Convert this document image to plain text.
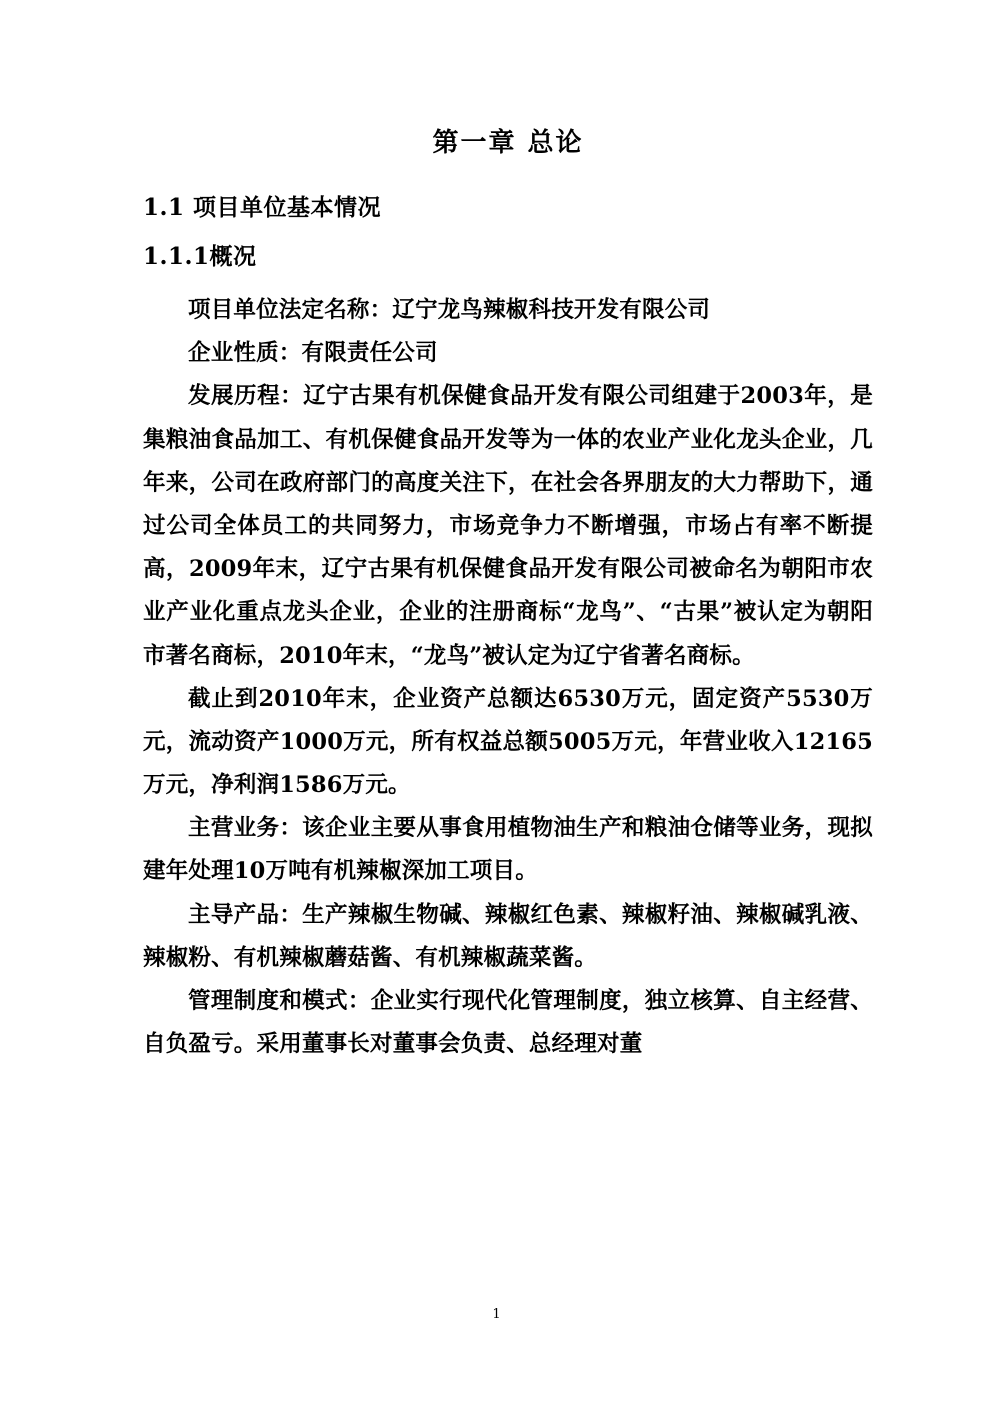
第一章 总论
1.1 项目单位基本情况
1.1.1概况

项目单位法定名称：辽宁龙鸟辣椒科技开发有限公司

企业性质：有限责任公司

发展历程：辽宁古果有机保健食品开发有限公司组建于2003年，是集粮油食品加工、有机保健食品开发等为一体的农业产业化龙头企业，几年来，公司在政府部门的高度关注下，在社会各界朋友的大力帮助下，通过公司全体员工的共同努力，市场竞争力不断增强，市场占有率不断提高，2009年末，辽宁古果有机保健食品开发有限公司被命名为朝阳市农业产业化重点龙头企业，企业的注册商标“龙鸟”、“古果”被认定为朝阳市著名商标，2010年末，“龙鸟”被认定为辽宁省著名商标。

截止到2010年末，企业资产总额达6530万元，固定资产5530万元，流动资产1000万元，所有权益总额5005万元，年营业收入12165万元，净利润1586万元。

主营业务：该企业主要从事食用植物油生产和粮油仓储等业务，现拟建年处理10万吨有机辣椒深加工项目。

主导产品：生产辣椒生物碱、辣椒红色素、辣椒籽油、辣椒碱乳液、辣椒粉、有机辣椒蘑菇酱、有机辣椒蔬菜酱。

管理制度和模式：企业实行现代化管理制度，独立核算、自主经营、自负盈亏。采用董事长对董事会负责、总经理对董

1
